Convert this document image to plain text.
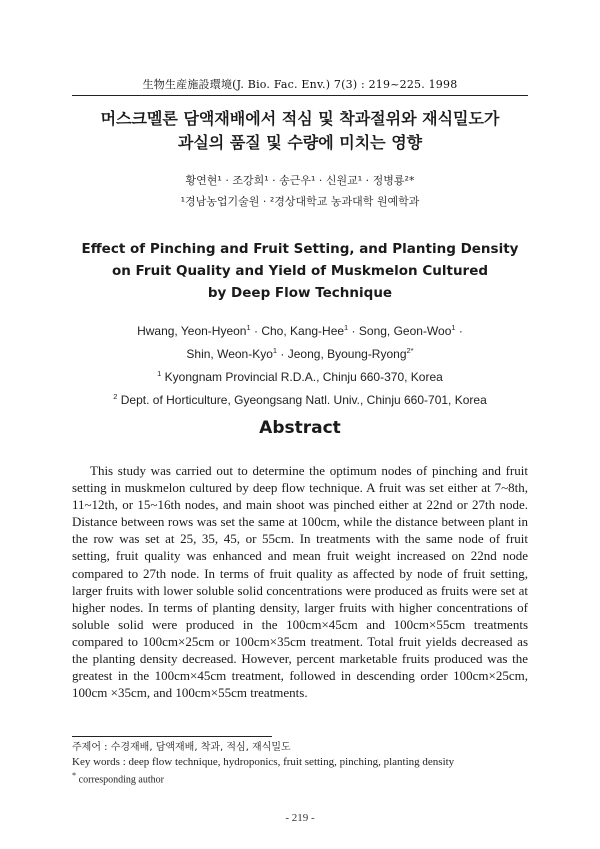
生物生産施設環境(J. Bio. Fac. Env.) 7(3) : 219~225. 1998
머스크멜론 담액재배에서 적심 및 착과절위와 재식밀도가
과실의 품질 및 수량에 미치는 영향
황연현¹ · 조강희¹ · 송근우¹ · 신원교¹ · 정병룡²*
¹경남농업기술원 · ²경상대학교 농과대학 원예학과
Effect of Pinching and Fruit Setting, and Planting Density
on Fruit Quality and Yield of Muskmelon Cultured
by Deep Flow Technique
Hwang, Yeon-Hyeon$^1$ · Cho, Kang-Hee$^1$ · Song, Geon-Woo$^1$ ·
Shin, Weon-Kyo$^1$ · Jeong, Byoung-Ryong$^{2*}$
$^1$ Kyongnam Provincial R.D.A., Chinju 660-370, Korea
$^2$ Dept. of Horticulture, Gyeongsang Natl. Univ., Chinju 660-701, Korea
Abstract

This study was carried out to determine the optimum nodes of pinching and fruit setting in muskmelon cultured by deep flow technique. A fruit was set either at 7~8th, 11~12th, or 15~16th nodes, and main shoot was pinched either at 22nd or 27th node. Distance between rows was set the same at 100cm, while the distance between plant in the row was set at 25, 35, 45, or 55cm. In treatments with the same node of fruit setting, fruit quality was enhanced and mean fruit weight increased on 22nd node compared to 27th node. In terms of fruit quality as affected by node of fruit setting, larger fruits with lower soluble solid concentrations were produced as fruits were set at higher nodes. In terms of planting density, larger fruits with higher concentrations of soluble solid were produced in the 100cm×45cm and 100cm×55cm treatments compared to 100cm×25cm or 100cm×35cm treatment. Total fruit yields decreased as the planting density decreased. However, percent marketable fruits produced was the greatest in the 100cm×45cm treatment, followed in descending order 100cm×25cm, 100cm ×35cm, and 100cm×55cm treatments.

주제어 : 수경재배, 담액재배, 착과, 적심, 재식밀도
Key words : deep flow technique, hydroponics, fruit setting, pinching, planting density
* corresponding author
- 219 -
